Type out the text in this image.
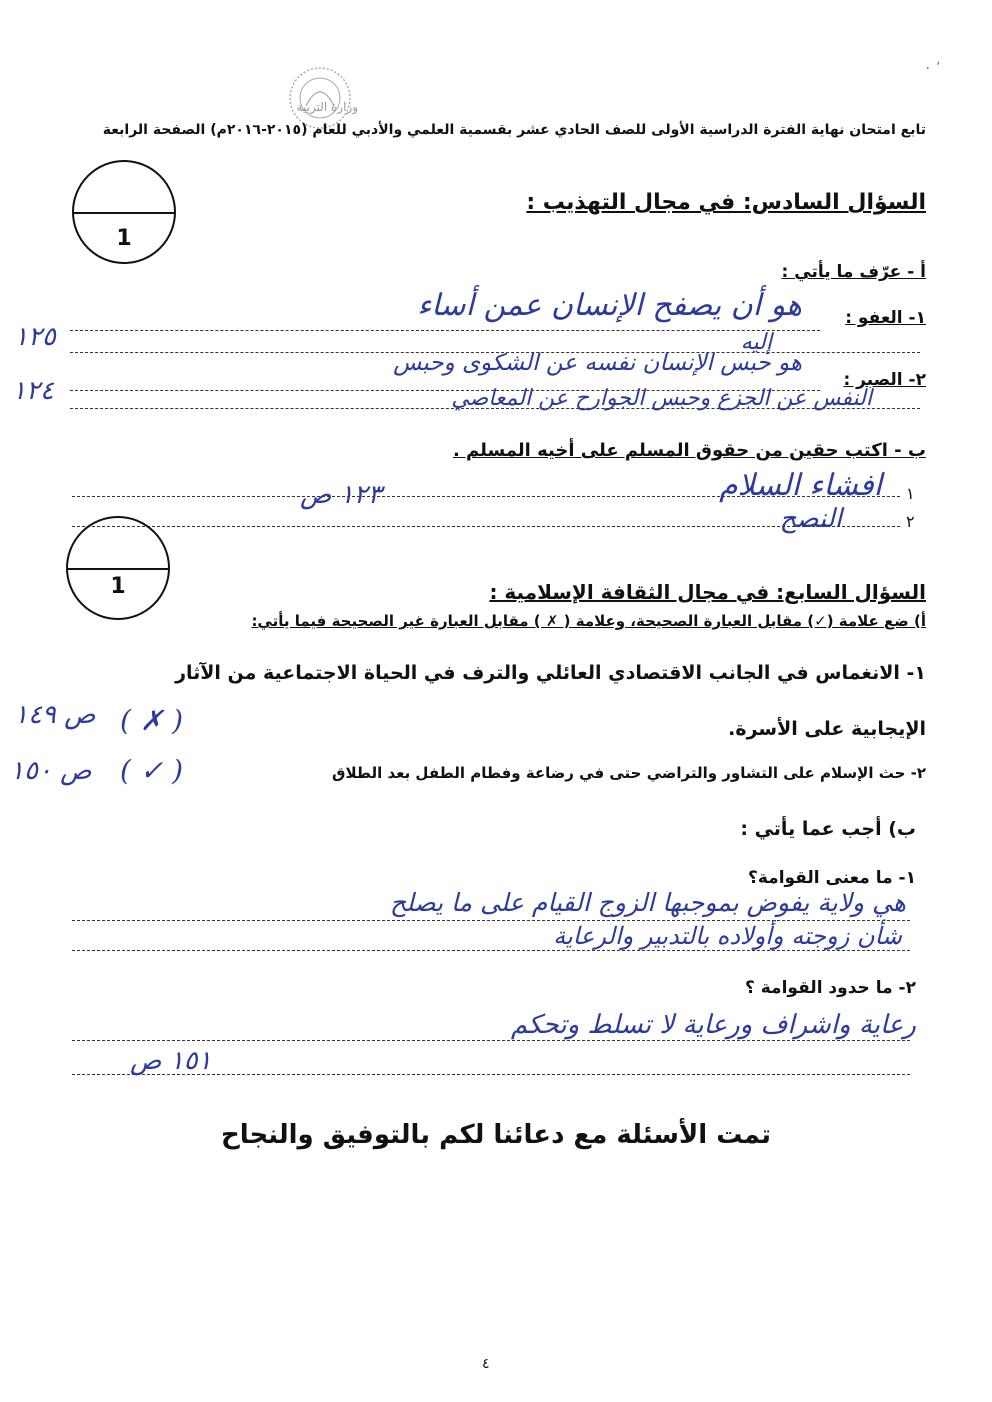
وزارة التربية
٬ ٠
تابع امتحان نهاية الفترة الدراسية الأولى للصف الحادي عشر بقسمية العلمي والأدبي للعام (٢٠١٥-٢٠١٦م) الصفحة الرابعة
1
السؤال السادس: في مجال التهذيب :
أ - عرّف ما يأتي :
١- العفو :
هو أن يصفح الإنسان عمن أساء
إليه
٢- الصبر :
هو حبس الإنسان نفسه عن الشكوى وحبس
النفس عن الجزع وحبس الجوارح عن المعاصي
١٢٥
١٢٤
ب - اكتب حقين من حقوق المسلم على أخيه المسلم .
١
افشاء السلام
١٢٣ ص
٢
النصح
1	السؤال السابع: في مجال الثقافة الإسلامية :
أ) ضع علامة (✓) مقابل العبارة الصحيحة، وعلامة ( ✗ ) مقابل العبارة غير الصحيحة فيما يأتي:
١- الانغماس في الجانب الاقتصادي العائلي والترف في الحياة الاجتماعية من الآثار
الإيجابية على الأسرة.
( ✗ )
٢- حث الإسلام على التشاور والتراضي حتى في رضاعة وفطام الطفل بعد الطلاق
( ✓ )
ص ١٤٩
ص ١٥٠
ب) أجب عما يأتي :
١- ما معنى القوامة؟
هي ولاية يفوض بموجبها الزوج القيام على ما يصلح
شأن زوجته وأولاده بالتدبير والرعاية
٢- ما حدود القوامة ؟
رعاية واشراف ورعاية لا تسلط وتحكم
١٥١ ص
تمت الأسئلة مع دعائنا لكم بالتوفيق والنجاح
٤
